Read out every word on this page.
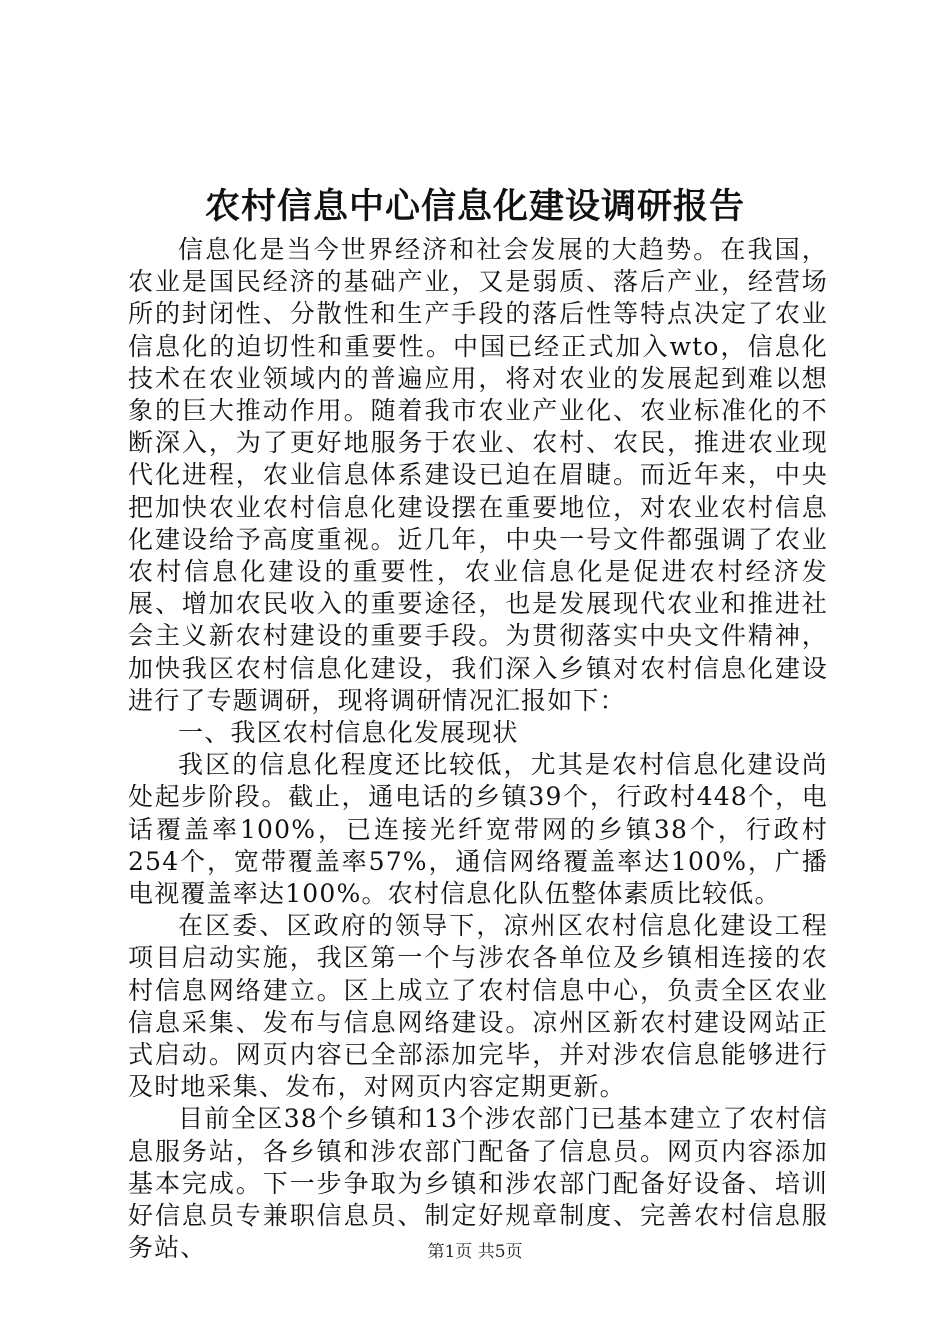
农村信息中心信息化建设调研报告

信息化是当今世界经济和社会发展的大趋势。在我国，农业是国民经济的基础产业，又是弱质、落后产业，经营场所的封闭性、分散性和生产手段的落后性等特点决定了农业信息化的迫切性和重要性。中国已经正式加入wto，信息化技术在农业领域内的普遍应用，将对农业的发展起到难以想象的巨大推动作用。随着我市农业产业化、农业标准化的不断深入，为了更好地服务于农业、农村、农民，推进农业现代化进程，农业信息体系建设已迫在眉睫。而近年来，中央把加快农业农村信息化建设摆在重要地位，对农业农村信息化建设给予高度重视。近几年，中央一号文件都强调了农业农村信息化建设的重要性，农业信息化是促进农村经济发展、增加农民收入的重要途径，也是发展现代农业和推进社会主义新农村建设的重要手段。为贯彻落实中央文件精神，加快我区农村信息化建设，我们深入乡镇对农村信息化建设进行了专题调研，现将调研情况汇报如下：

一、我区农村信息化发展现状

我区的信息化程度还比较低，尤其是农村信息化建设尚处起步阶段。截止，通电话的乡镇39个，行政村448个，电话覆盖率100%，已连接光纤宽带网的乡镇38个，行政村254个，宽带覆盖率57%，通信网络覆盖率达100%，广播电视覆盖率达100%。农村信息化队伍整体素质比较低。

在区委、区政府的领导下，凉州区农村信息化建设工程项目启动实施，我区第一个与涉农各单位及乡镇相连接的农村信息网络建立。区上成立了农村信息中心，负责全区农业信息采集、发布与信息网络建设。凉州区新农村建设网站正式启动。网页内容已全部添加完毕，并对涉农信息能够进行及时地采集、发布，对网页内容定期更新。

目前全区38个乡镇和13个涉农部门已基本建立了农村信息服务站，各乡镇和涉农部门配备了信息员。网页内容添加基本完成。下一步争取为乡镇和涉农部门配备好设备、培训好信息员专兼职信息员、制定好规章制度、完善农村信息服务站、	第1页 共5页
